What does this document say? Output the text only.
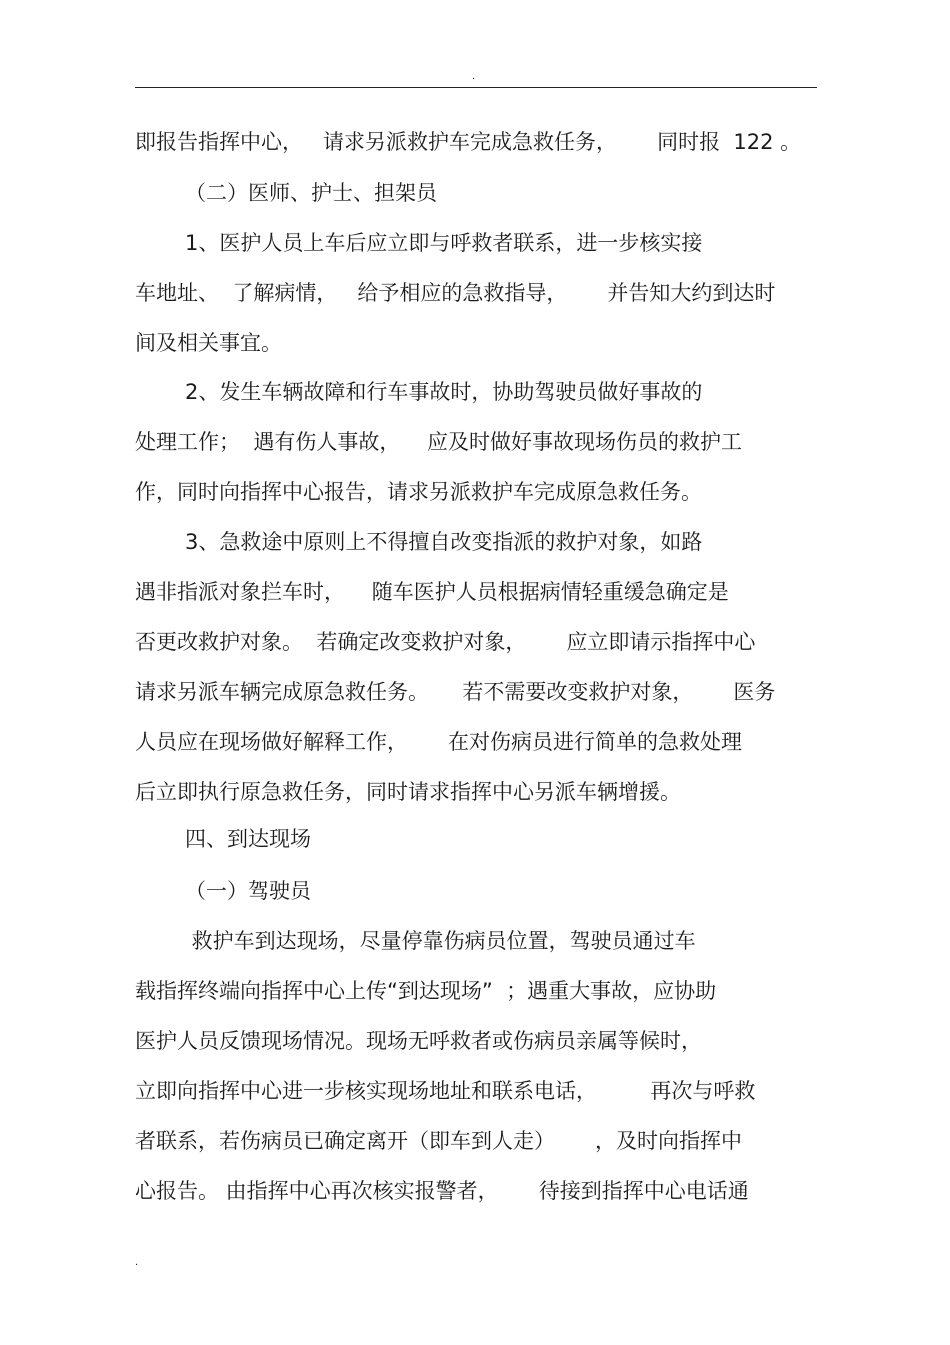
.
即报告指挥中心，   请求另派救护车完成急救任务，      同时报  122 。
（二）医师、护士、担架员
1、医护人员上车后应立即与呼救者联系，进一步核实接
车地址、  了解病情，   给予相应的急救指导，      并告知大约到达时
间及相关事宜。
2、发生车辆故障和行车事故时，协助驾驶员做好事故的
处理工作；  遇有伤人事故，    应及时做好事故现场伤员的救护工
作，同时向指挥中心报告，请求另派救护车完成原急救任务。
3、急救途中原则上不得擅自改变指派的救护对象，如路
遇非指派对象拦车时，    随车医护人员根据病情轻重缓急确定是
否更改救护对象。  若确定改变救护对象，      应立即请示指挥中心
请求另派车辆完成原急救任务。     若不需要改变救护对象，      医务
人员应在现场做好解释工作，      在对伤病员进行简单的急救处理
后立即执行原急救任务，同时请求指挥中心另派车辆增援。
四、到达现场
（一）驾驶员
救护车到达现场，尽量停靠伤病员位置，驾驶员通过车
载指挥终端向指挥中心上传“到达现场”  ；遇重大事故，应协助
医护人员反馈现场情况。现场无呼救者或伤病员亲属等候时，
立即向指挥中心进一步核实现场地址和联系电话，        再次与呼救
者联系，若伤病员已确定离开（即车到人走）      ，及时向指挥中
心报告。 由指挥中心再次核实报警者，      待接到指挥中心电话通
.
